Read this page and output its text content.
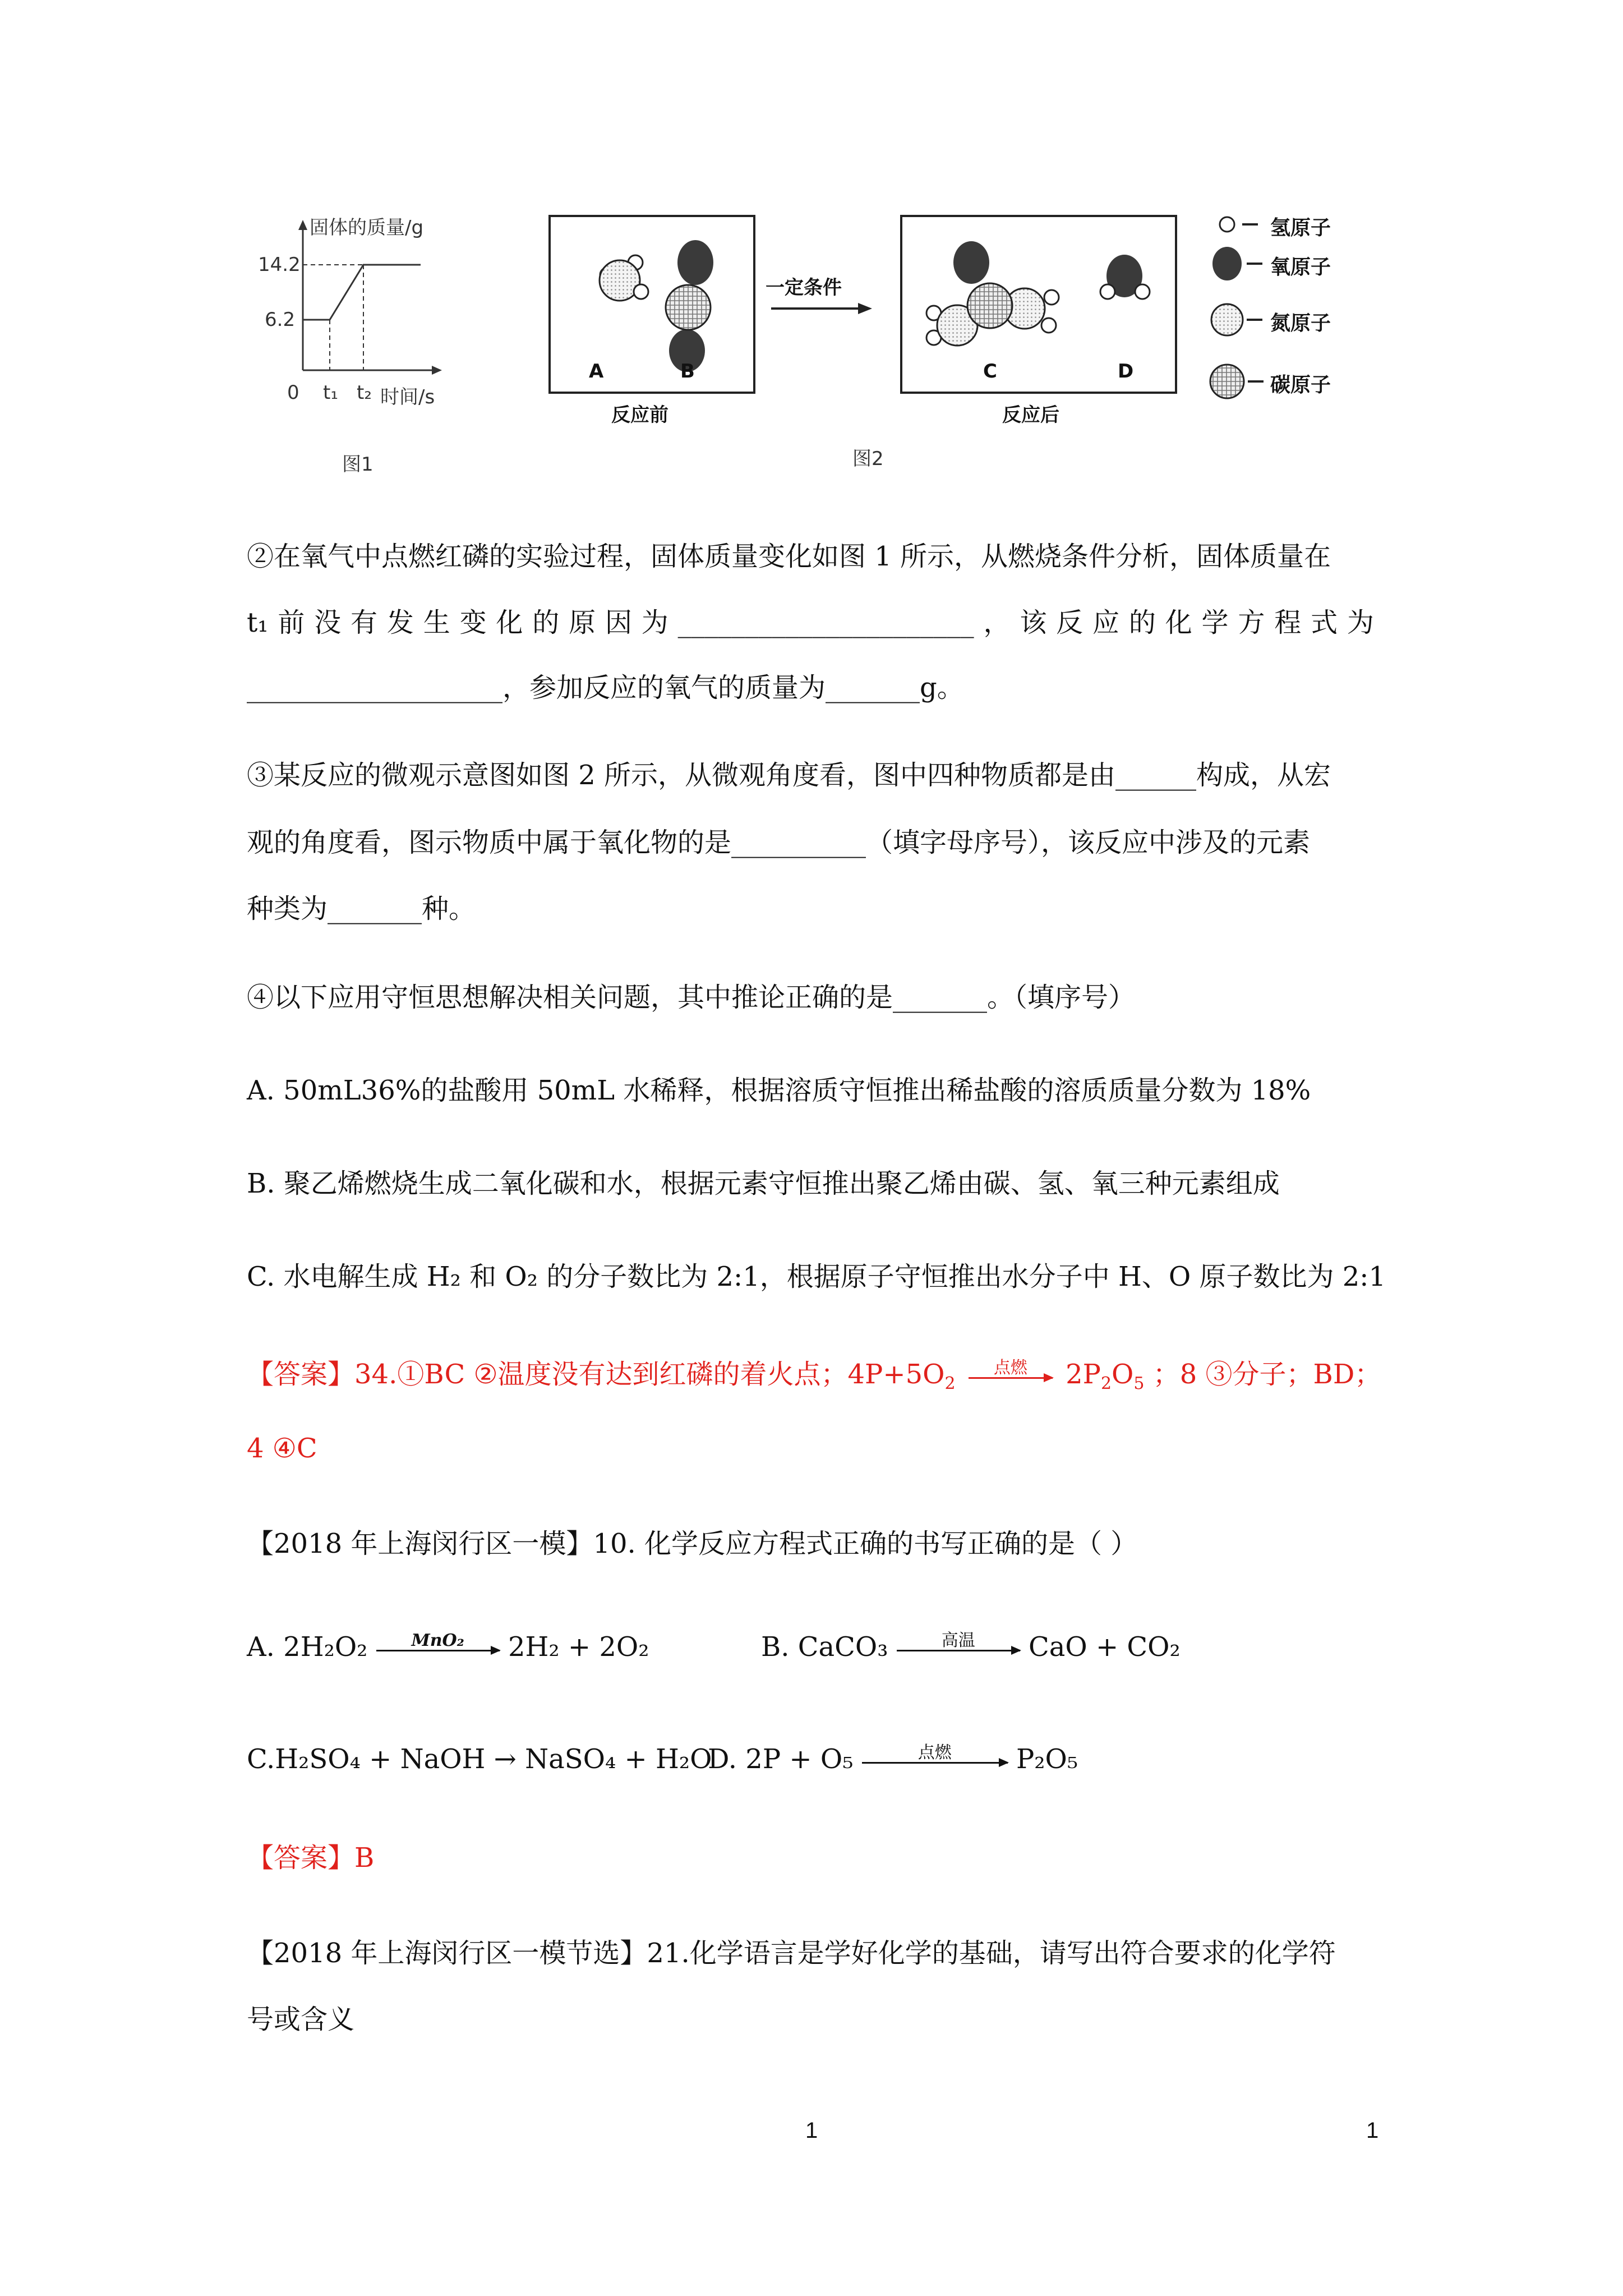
固体的质量/g
14.2
6.2
0 t₁ t₂ 时间/s
图1
一定条件
A	B	C	D
反应前	反应后
图2
氢原子
氧原子
氮原子
碳原子
②在氧气中点燃红磷的实验过程，固体质量变化如图 1 所示，从燃烧条件分析，固体质量在
t₁ 前 没 有 发 生 变 化 的 原 因 为 ______________________ ， 该 反 应 的 化 学 方 程 式 为
___________________，参加反应的氧气的质量为_______g。
③某反应的微观示意图如图 2 所示，从微观角度看，图中四种物质都是由______构成，从宏
观的角度看，图示物质中属于氧化物的是__________（填字母序号），该反应中涉及的元素
种类为_______种。
④以下应用守恒思想解决相关问题，其中推论正确的是_______。（填序号）
A. 50mL36%的盐酸用 50mL 水稀释，根据溶质守恒推出稀盐酸的溶质质量分数为 18%
B. 聚乙烯燃烧生成二氧化碳和水，根据元素守恒推出聚乙烯由碳、氢、氧三种元素组成
C. 水电解生成 H₂ 和 O₂ 的分子数比为 2:1，根据原子守恒推出水分子中 H、O 原子数比为 2:1
【答案】34.①BC ②温度没有达到红磷的着火点；$4P+5O_2$
点燃	$2P_2O_5$ ；8 ③分子；BD；
4 ④C
【2018 年上海闵行区一模】10. 化学反应方程式正确的书写正确的是（ ）
A. 2H₂O₂	MnO₂	2H₂ + 2O₂	B. CaCO₃	高温	CaO + CO₂
C.H₂SO₄ + NaOH → NaSO₄ + H₂O
D. 2P + O₅	点燃	P₂O₅
【答案】B
【2018 年上海闵行区一模节选】21.化学语言是学好化学的基础，请写出符合要求的化学符
号或含义
1	1
